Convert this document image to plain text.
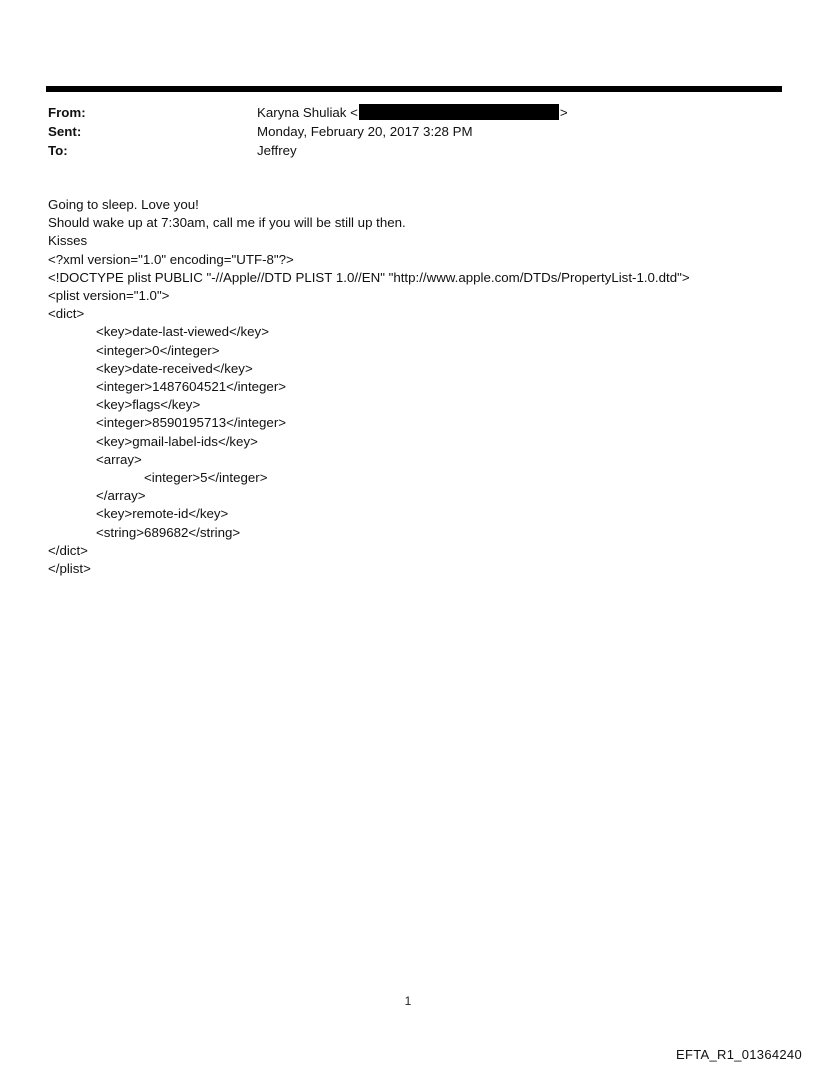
From:	Karyna Shuliak <	>
Sent:	Monday, February 20, 2017 3:28 PM
To:	Jeffrey
Going to sleep. Love you!
Should wake up at 7:30am, call me if you will be still up then.
Kisses
<?xml version="1.0" encoding="UTF-8"?>
<!DOCTYPE plist PUBLIC "-//Apple//DTD PLIST 1.0//EN" "http://www.apple.com/DTDs/PropertyList-1.0.dtd">
<plist version="1.0">
<dict>
<key>date-last-viewed</key>
<integer>0</integer>
<key>date-received</key>
<integer>1487604521</integer>
<key>flags</key>
<integer>8590195713</integer>
<key>gmail-label-ids</key>
<array>
<integer>5</integer>
</array>
<key>remote-id</key>
<string>689682</string>
</dict>
</plist>
1
EFTA_R1_01364240
